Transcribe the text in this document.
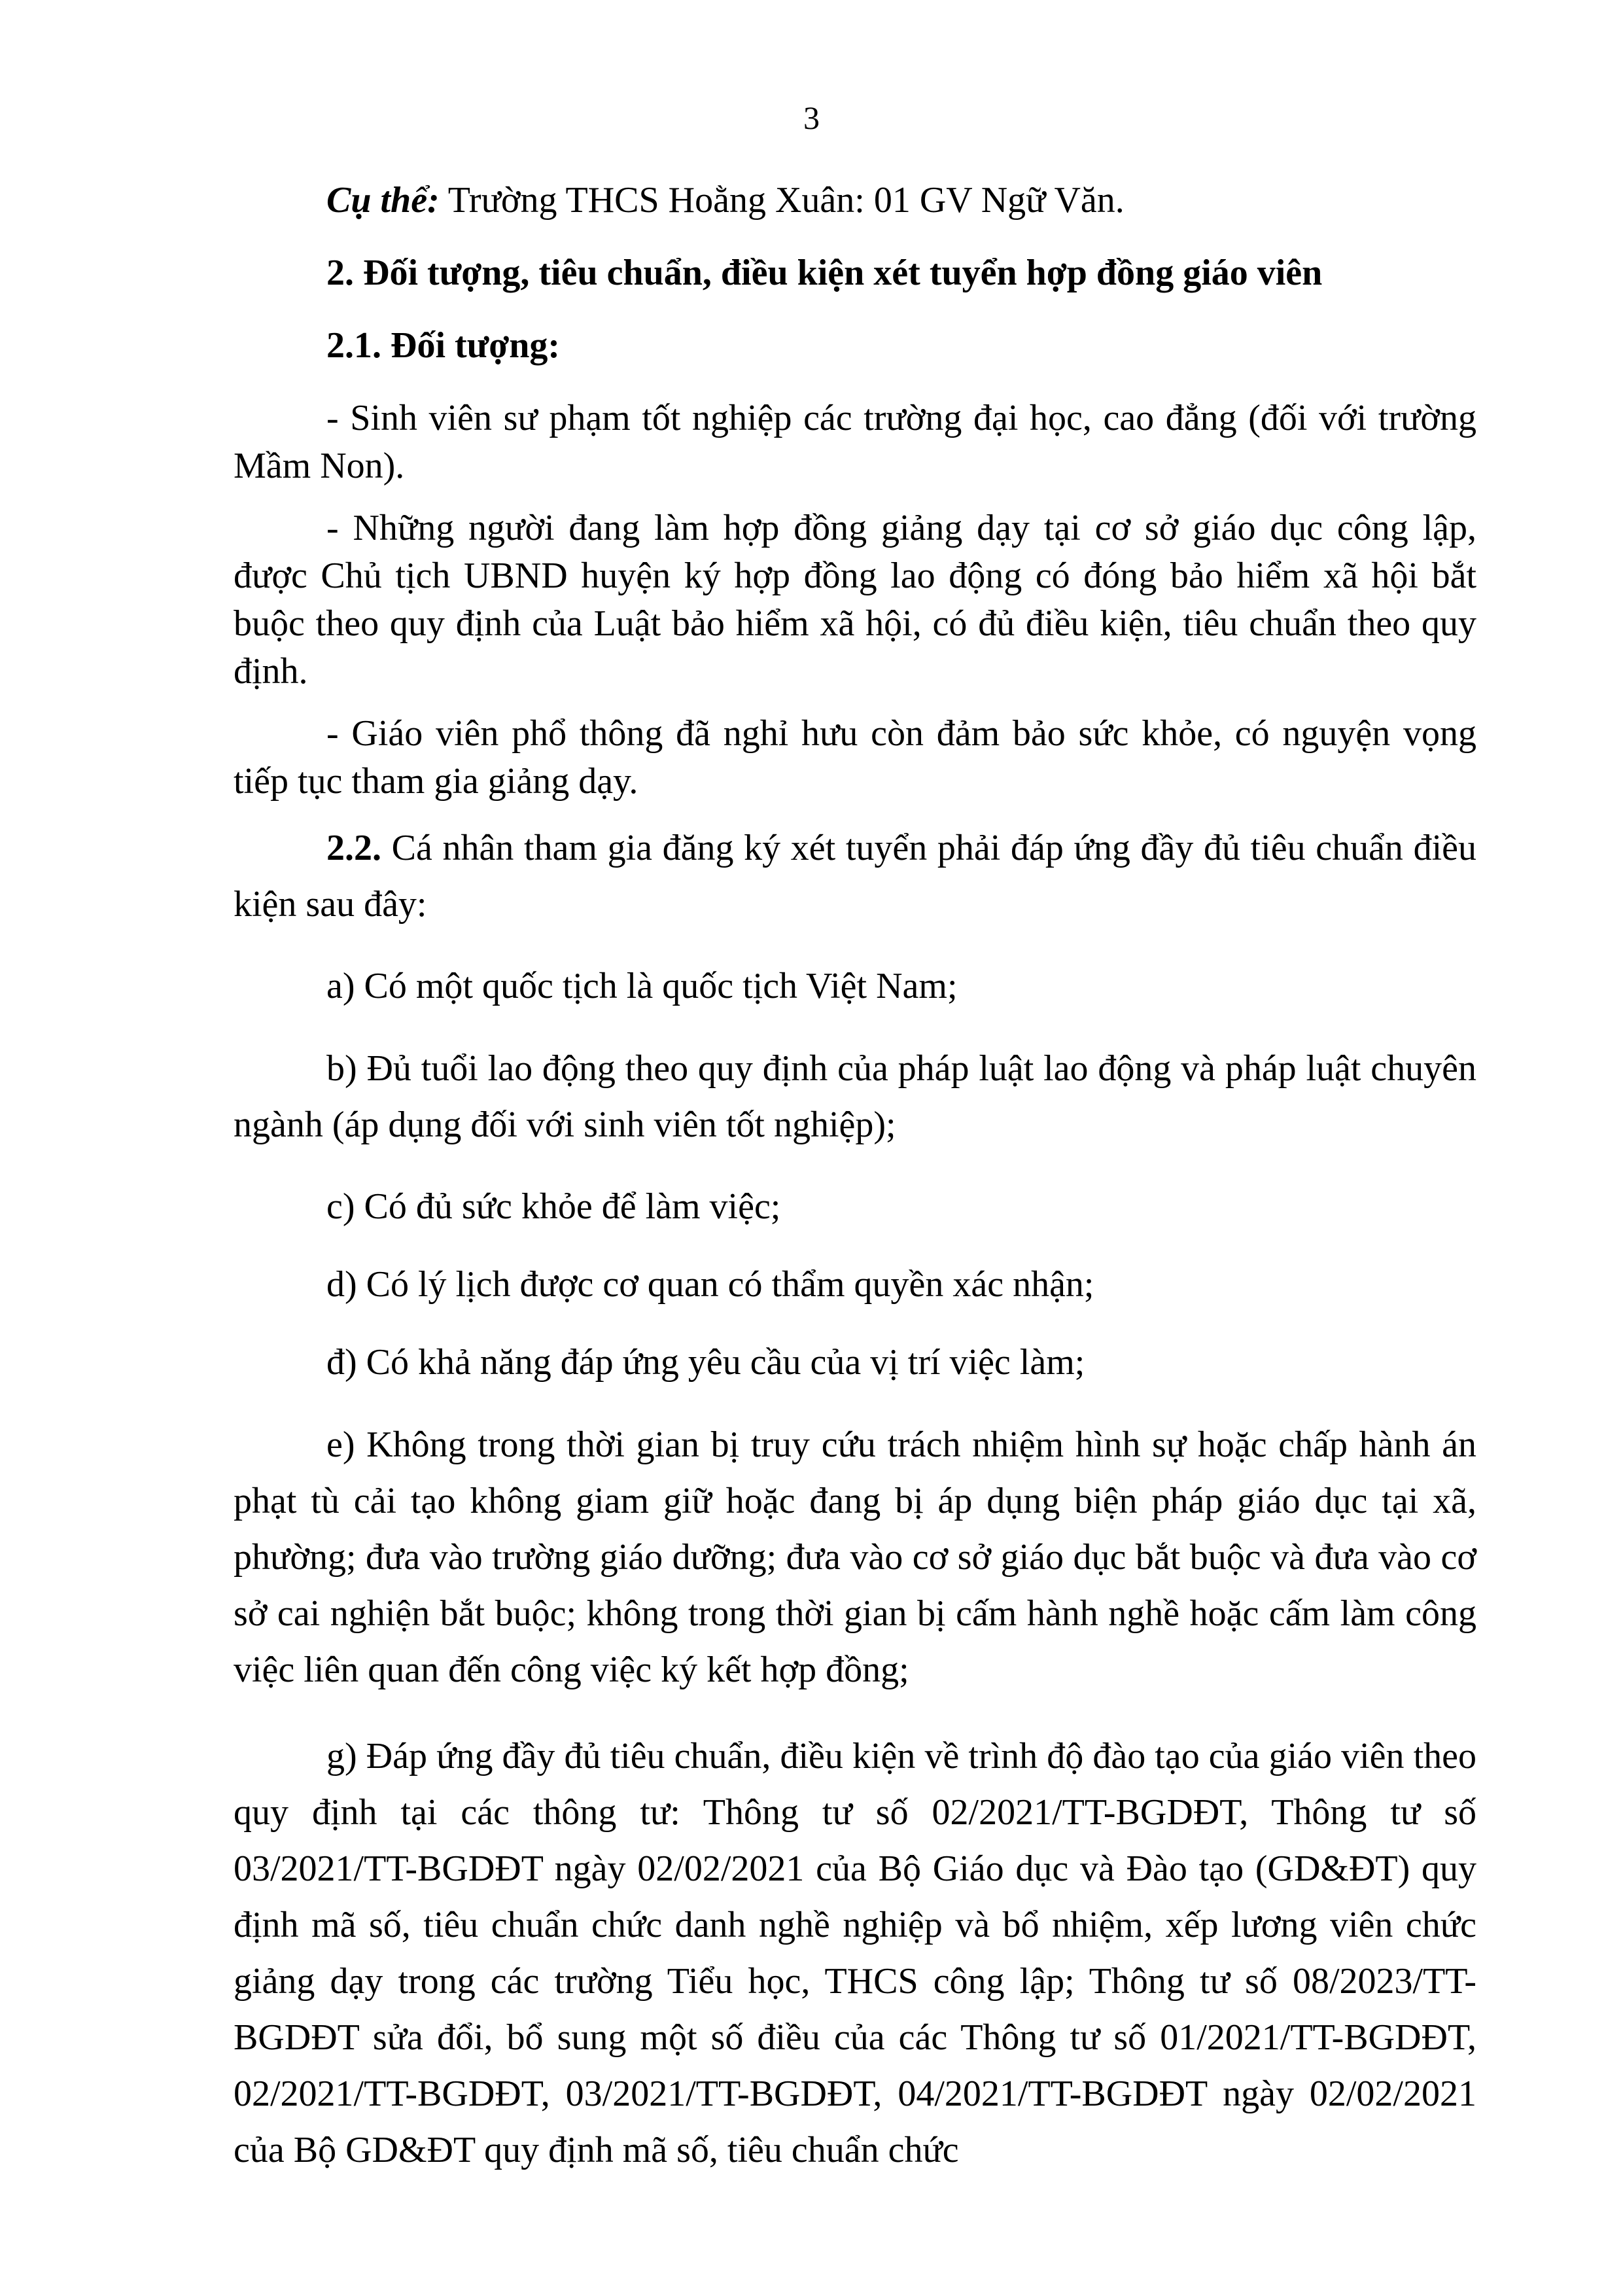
3

Cụ thể: Trường THCS Hoằng Xuân: 01 GV Ngữ Văn.

2. Đối tượng, tiêu chuẩn, điều kiện xét tuyển hợp đồng giáo viên

2.1. Đối tượng:

- Sinh viên sư phạm tốt nghiệp các trường đại học, cao đẳng (đối với trường Mầm Non).

- Những người đang làm hợp đồng giảng dạy tại cơ sở giáo dục công lập, được Chủ tịch UBND huyện ký hợp đồng lao động có đóng bảo hiểm xã hội bắt buộc theo quy định của Luật bảo hiểm xã hội, có đủ điều kiện, tiêu chuẩn theo quy định.

- Giáo viên phổ thông đã nghỉ hưu còn đảm bảo sức khỏe, có nguyện vọng tiếp tục tham gia giảng dạy.

2.2. Cá nhân tham gia đăng ký xét tuyển phải đáp ứng đầy đủ tiêu chuẩn điều kiện sau đây:

a) Có một quốc tịch là quốc tịch Việt Nam;

b) Đủ tuổi lao động theo quy định của pháp luật lao động và pháp luật chuyên ngành (áp dụng đối với sinh viên tốt nghiệp);

c) Có đủ sức khỏe để làm việc;

d) Có lý lịch được cơ quan có thẩm quyền xác nhận;

đ) Có khả năng đáp ứng yêu cầu của vị trí việc làm;

e) Không trong thời gian bị truy cứu trách nhiệm hình sự hoặc chấp hành án phạt tù cải tạo không giam giữ hoặc đang bị áp dụng biện pháp giáo dục tại xã, phường; đưa vào trường giáo dưỡng; đưa vào cơ sở giáo dục bắt buộc và đưa vào cơ sở cai nghiện bắt buộc; không trong thời gian bị cấm hành nghề hoặc cấm làm công việc liên quan đến công việc ký kết hợp đồng;

g) Đáp ứng đầy đủ tiêu chuẩn, điều kiện về trình độ đào tạo của giáo viên theo quy định tại các thông tư: Thông tư số 02/2021/TT-BGDĐT, Thông tư số 03/2021/TT-BGDĐT ngày 02/02/2021 của Bộ Giáo dục và Đào tạo (GD&ĐT) quy định mã số, tiêu chuẩn chức danh nghề nghiệp và bổ nhiệm, xếp lương viên chức giảng dạy trong các trường Tiểu học, THCS công lập; Thông tư số 08/2023/TT-BGDĐT sửa đổi, bổ sung một số điều của các Thông tư số 01/2021/TT-BGDĐT, 02/2021/TT-BGDĐT, 03/2021/TT-BGDĐT, 04/2021/TT-BGDĐT ngày 02/02/2021 của Bộ GD&ĐT quy định mã số, tiêu chuẩn chức
